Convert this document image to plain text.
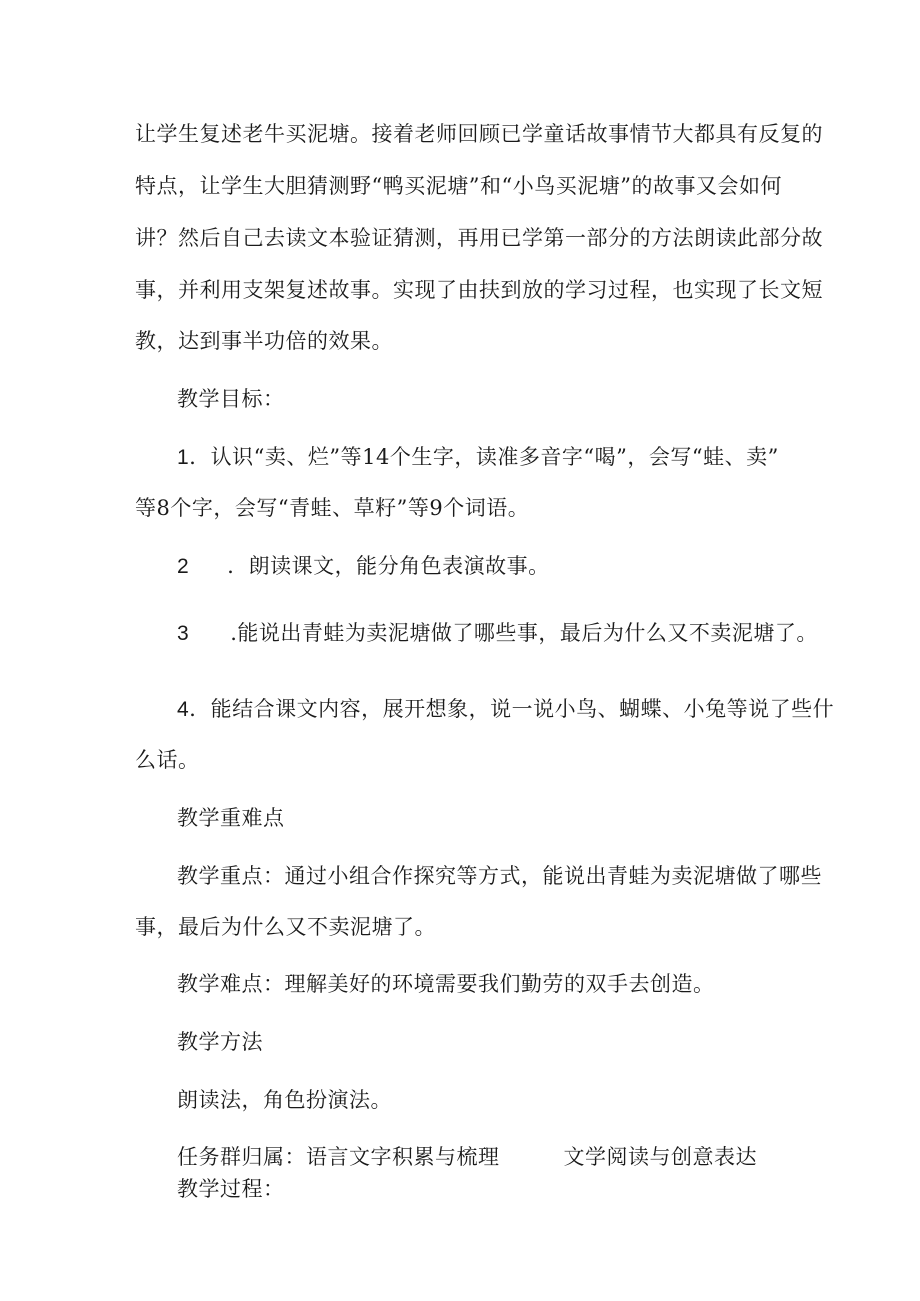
让学生复述老牛买泥塘。接着老师回顾已学童话故事情节大都具有反复的
特点，让学生大胆猜测野“鸭买泥塘”和“小鸟买泥塘”的故事又会如何
讲？然后自己去读文本验证猜测，再用已学第一部分的方法朗读此部分故
事，并利用支架复述故事。实现了由扶到放的学习过程，也实现了长文短
教，达到事半功倍的效果。
教学目标：
1．认识“卖、烂”等14个生字，读准多音字“喝”，会写“蛙、卖”
等8个字，会写“青蛙、草籽”等9个词语。
2 ．朗读课文，能分角色表演故事。
3 .能说出青蛙为卖泥塘做了哪些事，最后为什么又不卖泥塘了。
4．能结合课文内容，展开想象，说一说小鸟、蝴蝶、小兔等说了些什
么话。
教学重难点
教学重点：通过小组合作探究等方式，能说出青蛙为卖泥塘做了哪些
事，最后为什么又不卖泥塘了。
教学难点：理解美好的环境需要我们勤劳的双手去创造。
教学方法
朗读法，角色扮演法。
任务群归属：语言文字积累与梳理	文学阅读与创意表达
教学过程：
